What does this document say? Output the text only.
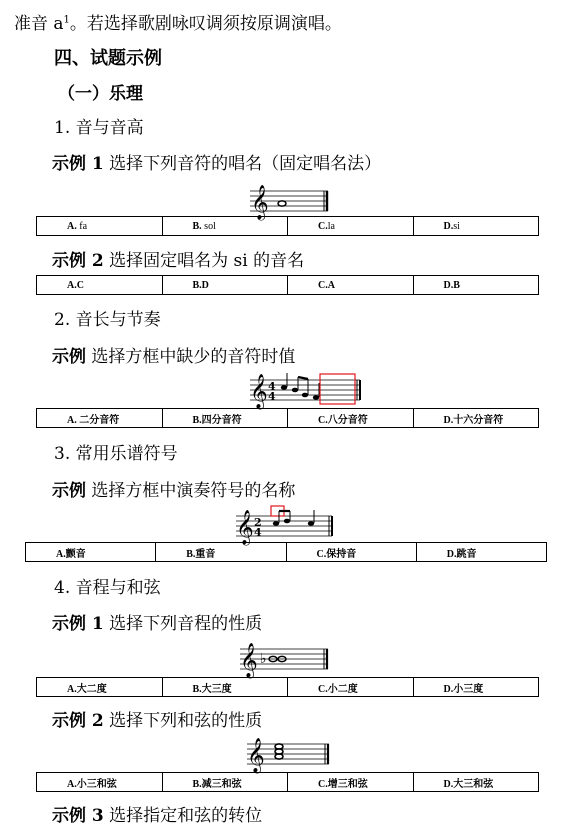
准音 $a^1$。若选择歌剧咏叹调须按原调演唱。
四、试题示例
（一）乐理
1. 音与音高
示例 1 选择下列音符的唱名（固定唱名法）
𝄞
A. fa	B. sol	C.la	D.si
示例 2 选择固定唱名为 si 的音名
A.C	B.D	C.A	D.B
2. 音长与节奏
示例 选择方框中缺少的音符时值
𝄞 4
4
A. 二分音符	B.四分音符	C.八分音符	D.十六分音符
3. 常用乐谱符号
示例 选择方框中演奏符号的名称
𝄞 2
4
A.颤音	B.重音	C.保持音	D.跳音
4. 音程与和弦
示例 1 选择下列音程的性质
𝄞 ♭
A.大二度	B.大三度	C.小二度	D.小三度
示例 2 选择下列和弦的性质
𝄞
A.小三和弦	B.减三和弦	C.增三和弦	D.大三和弦
示例 3 选择指定和弦的转位
